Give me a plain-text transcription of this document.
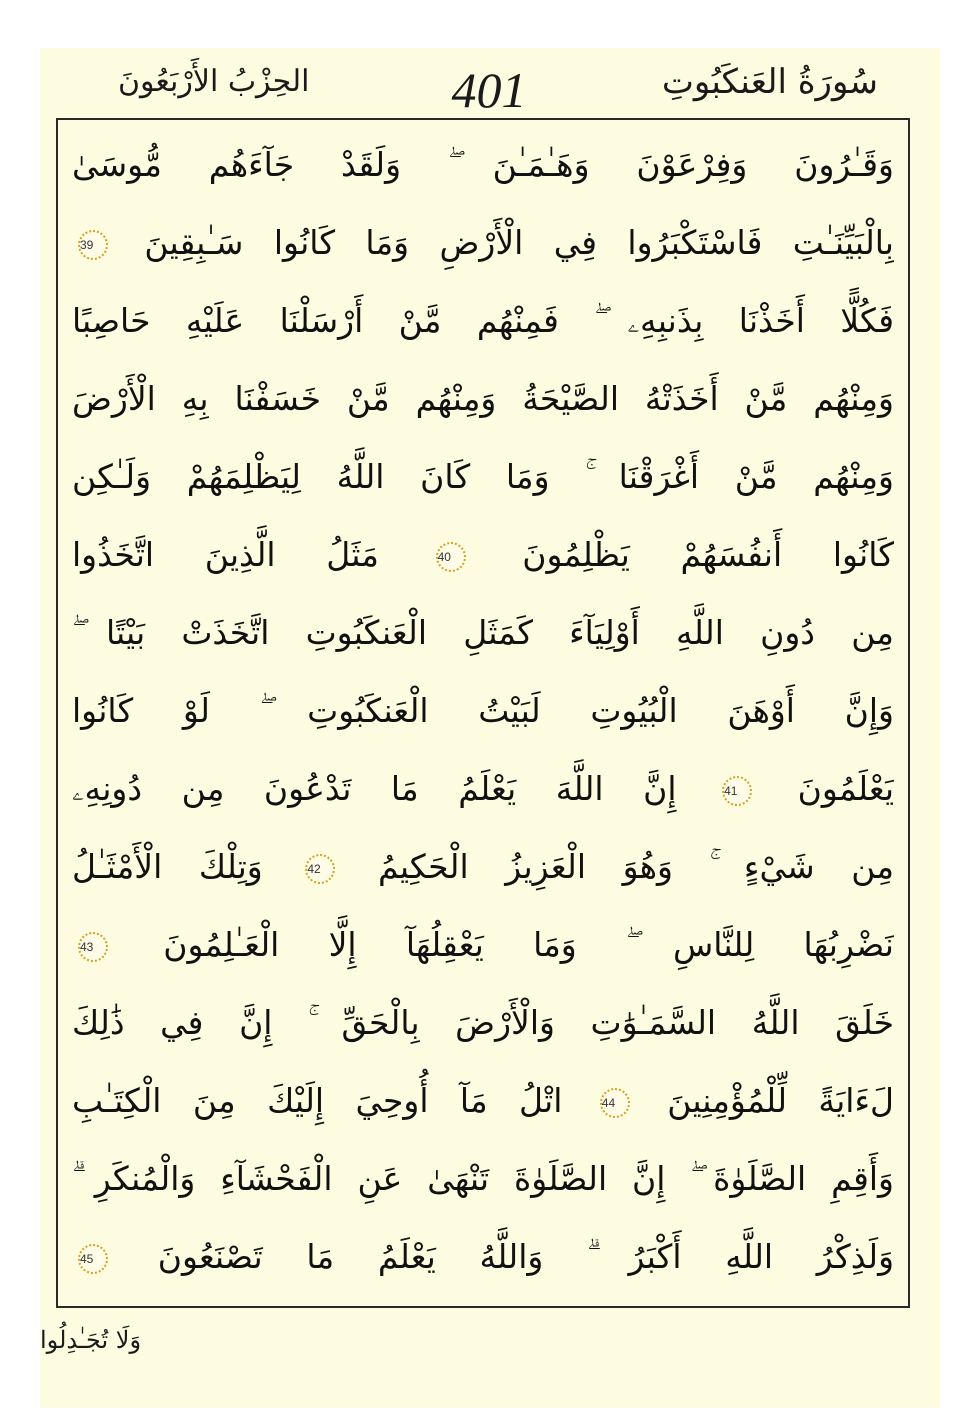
سُورَةُ العَنكَبُوتِ
401
الحِزْبُ الأَرْبَعُونَ
وَقَـٰرُونَ وَفِرْعَوْنَ وَهَـٰمَـٰنَ ۖ وَلَقَدْ جَآءَهُم مُّوسَىٰ
بِالْبَيِّنَـٰتِ فَاسْتَكْبَرُوا فِي الْأَرْضِ وَمَا كَانُوا سَـٰبِقِينَ 39
فَكُلًّا أَخَذْنَا بِذَنبِهِۦ ۖ فَمِنْهُم مَّنْ أَرْسَلْنَا عَلَيْهِ حَاصِبًا
وَمِنْهُم مَّنْ أَخَذَتْهُ الصَّيْحَةُ وَمِنْهُم مَّنْ خَسَفْنَا بِهِ الْأَرْضَ
وَمِنْهُم مَّنْ أَغْرَقْنَا ۚ وَمَا كَانَ اللَّهُ لِيَظْلِمَهُمْ وَلَـٰكِن
كَانُوا أَنفُسَهُمْ يَظْلِمُونَ 40 مَثَلُ الَّذِينَ اتَّخَذُوا
مِن دُونِ اللَّهِ أَوْلِيَآءَ كَمَثَلِ الْعَنكَبُوتِ اتَّخَذَتْ بَيْتًا ۖ
وَإِنَّ أَوْهَنَ الْبُيُوتِ لَبَيْتُ الْعَنكَبُوتِ ۖ لَوْ كَانُوا
يَعْلَمُونَ 41 إِنَّ اللَّهَ يَعْلَمُ مَا تَدْعُونَ مِن دُونِهِۦ
مِن شَيْءٍ ۚ وَهُوَ الْعَزِيزُ الْحَكِيمُ 42 وَتِلْكَ الْأَمْثَـٰلُ
نَضْرِبُهَا لِلنَّاسِ ۖ وَمَا يَعْقِلُهَآ إِلَّا الْعَـٰلِمُونَ 43
خَلَقَ اللَّهُ السَّمَـٰوَٰتِ وَالْأَرْضَ بِالْحَقِّ ۚ إِنَّ فِي ذَٰلِكَ
لَءَايَةً لِّلْمُؤْمِنِينَ 44 اتْلُ مَآ أُوحِيَ إِلَيْكَ مِنَ الْكِتَـٰبِ
وَأَقِمِ الصَّلَوٰةَ ۖ إِنَّ الصَّلَوٰةَ تَنْهَىٰ عَنِ الْفَحْشَآءِ وَالْمُنكَرِ ۗ
وَلَذِكْرُ اللَّهِ أَكْبَرُ ۗ وَاللَّهُ يَعْلَمُ مَا تَصْنَعُونَ 45
وَلَا تُجَـٰدِلُوا
